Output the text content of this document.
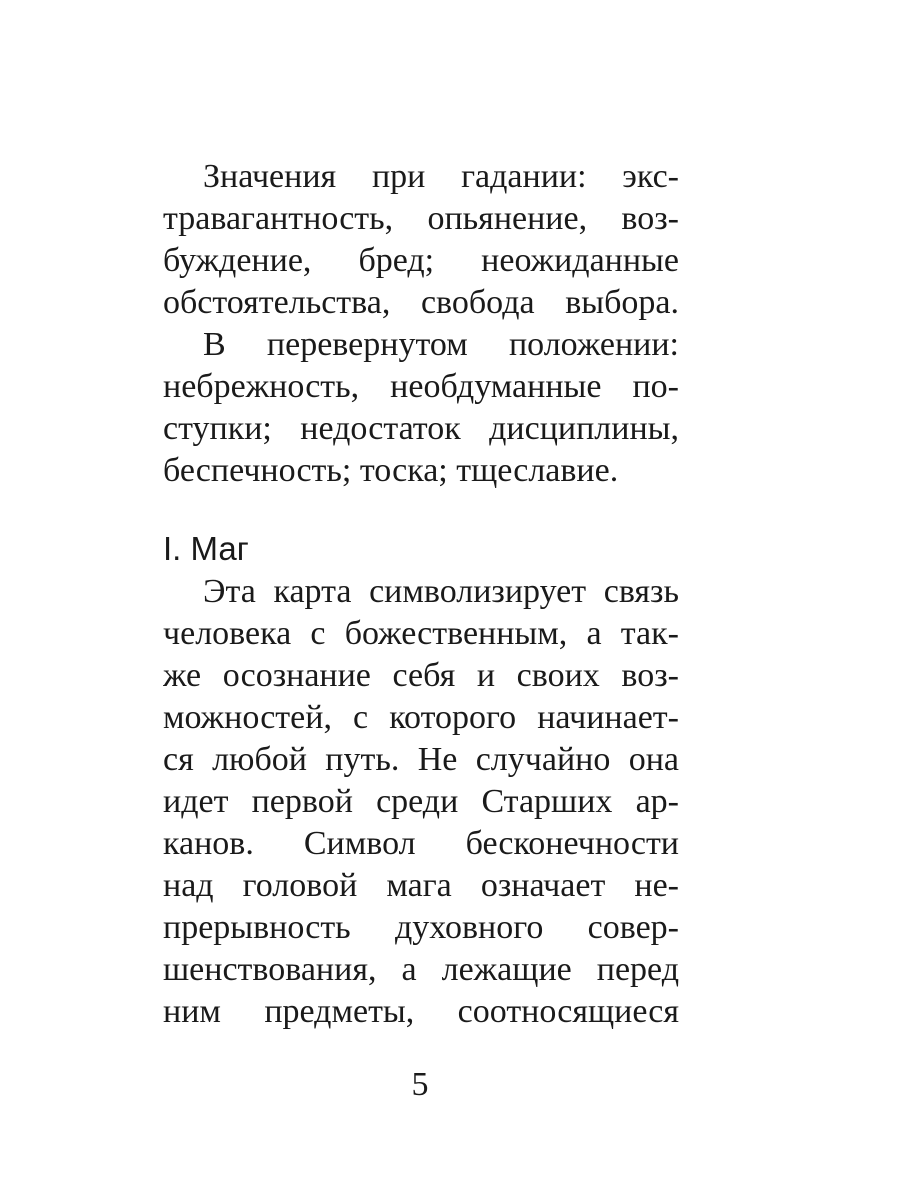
Значения при гадании: экс-
травагантность, опьянение, воз-
буждение, бред; неожиданные
обстоятельства, свобода выбора.
В перевернутом положении:
небрежность, необдуманные по-
ступки; недостаток дисциплины,
беспечность; тоска; тщеславие.
I. Маг
Эта карта символизирует связь
человека с божественным, а так-
же осознание себя и своих воз-
можностей, с которого начинает-
ся любой путь. Не случайно она
идет первой среди Старших ар-
канов. Символ бесконечности
над головой мага означает не-
прерывность духовного совер-
шенствования, а лежащие перед
ним предметы, соотносящиеся
5
